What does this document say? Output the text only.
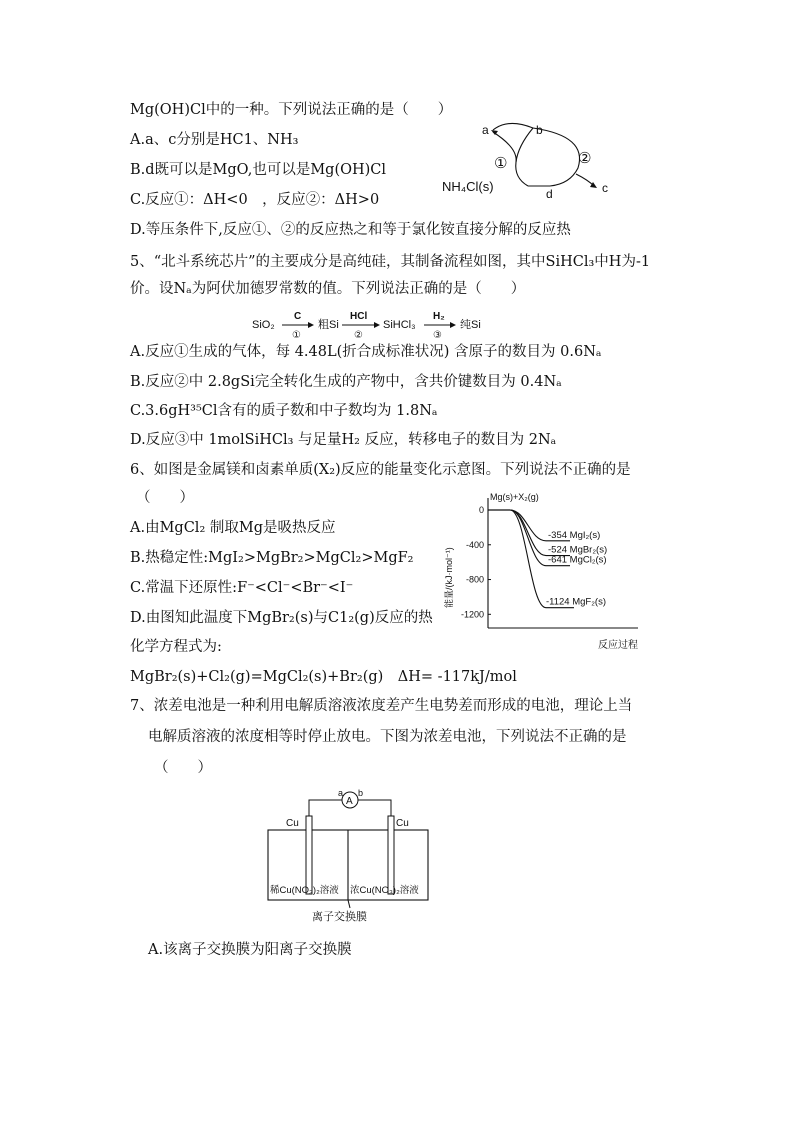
Mg(OH)Cl中的一种。下列说法正确的是（　　）
A.a、c分别是HC1、NH₃
B.d既可以是MgO,也可以是Mg(OH)Cl
C.反应①：ΔH<0　，反应②：ΔH>0
D.等压条件下,反应①、②的反应热之和等于氯化铵直接分解的反应热
a	b
c
d
①	②
NH₄Cl(s)
5、“北斗系统芯片”的主要成分是高纯硅，其制备流程如图，其中SiHCl₃中H为-1
价。设Nₐ为阿伏加德罗常数的值。下列说法正确的是（　　）
SiO₂
C
①
粗Si
HCl
②
SiHCl₃
H₂
③
纯Si
A.反应①生成的气体，每 4.48L(折合成标准状况) 含原子的数目为 0.6Nₐ
B.反应②中 2.8gSi完全转化生成的产物中，含共价键数目为 0.4Nₐ
C.3.6gH³⁵Cl含有的质子数和中子数均为 1.8Nₐ
D.反应③中 1molSiHCl₃ 与足量H₂ 反应，转移电子的数目为 2Nₐ
6、如图是金属镁和卤素单质(X₂)反应的能量变化示意图。下列说法不正确的是
（　　）
A.由MgCl₂ 制取Mg是吸热反应
B.热稳定性:MgI₂>MgBr₂>MgCl₂>MgF₂
C.常温下还原性:F⁻<Cl⁻<Br⁻<I⁻
D.由图知此温度下MgBr₂(s)与C1₂(g)反应的热
化学方程式为:
MgBr₂(s)+Cl₂(g)=MgCl₂(s)+Br₂(g)　ΔH= -117kJ/mol
Mg(s)+X₂(g)
反应过程
能量/(kJ·mol⁻¹)
0
-400
-800
-1200
-354 MgI₂(s)
-524 MgBr₂(s)
-641 MgCl₂(s)
-1124 MgF₂(s)
7、浓差电池是一种利用电解质溶液浓度差产生电势差而形成的电池，理论上当
电解质溶液的浓度相等时停止放电。下图为浓差电池，下列说法不正确的是
（　　）
A
a b
Cu	Cu
稀Cu(NO₃)₂溶液 浓Cu(NO₃)₂溶液
离子交换膜
A.该离子交换膜为阳离子交换膜
